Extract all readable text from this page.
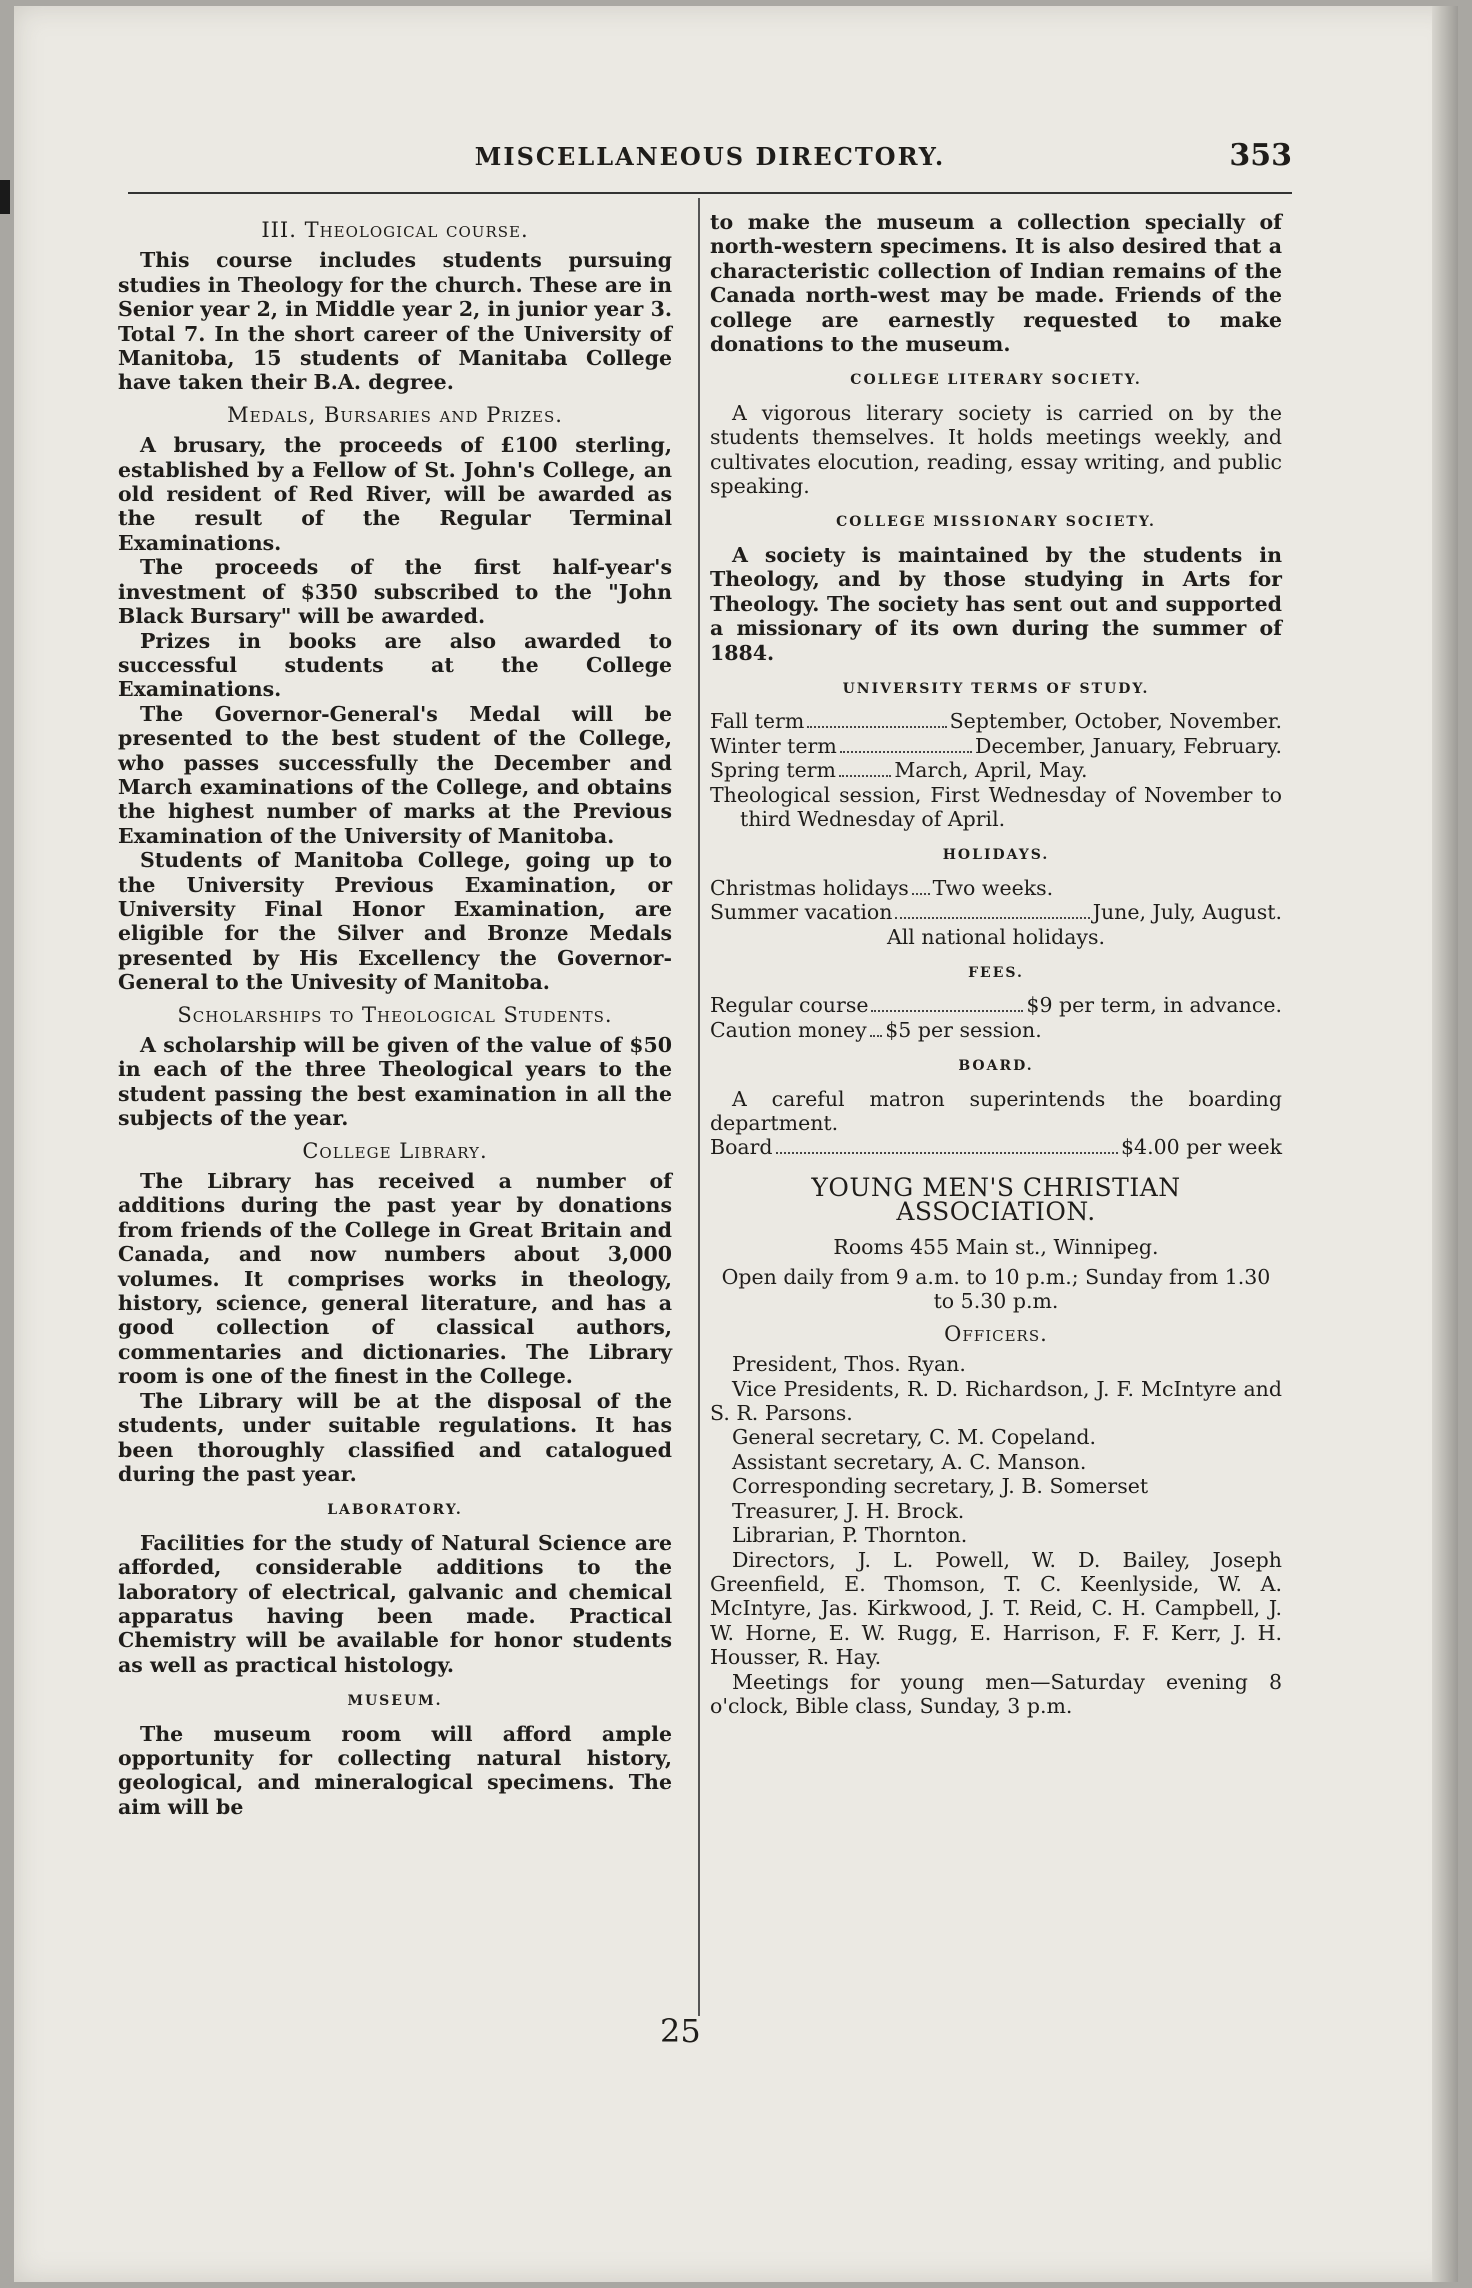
MISCELLANEOUS DIRECTORY.	353
III. Theological course.

This course includes students pursuing studies in Theology for the church. These are in Senior year 2, in Middle year 2, in junior year 3. Total 7. In the short career of the University of Manitoba, 15 students of Manitaba College have taken their B.A. degree.

Medals, Bursaries and Prizes.

A brusary, the proceeds of £100 sterling, established by a Fellow of St. John's College, an old resident of Red River, will be awarded as the result of the Regular Terminal Examinations.

The proceeds of the first half-year's investment of $350 subscribed to the "John Black Bursary" will be awarded.

Prizes in books are also awarded to successful students at the College Examinations.

The Governor-General's Medal will be presented to the best student of the College, who passes successfully the December and March examinations of the College, and obtains the highest number of marks at the Previous Examination of the University of Manitoba.

Students of Manitoba College, going up to the University Previous Examination, or University Final Honor Examination, are eligible for the Silver and Bronze Medals presented by His Excellency the Governor-General to the Univesity of Manitoba.

Scholarships to Theological Students.

A scholarship will be given of the value of $50 in each of the three Theological years to the student passing the best examination in all the subjects of the year.

College Library.

The Library has received a number of additions during the past year by donations from friends of the College in Great Britain and Canada, and now numbers about 3,000 volumes. It comprises works in theology, history, science, general literature, and has a good collection of classical authors, commentaries and dictionaries. The Library room is one of the finest in the College.

The Library will be at the disposal of the students, under suitable regulations. It has been thoroughly classified and catalogued during the past year.

LABORATORY.

Facilities for the study of Natural Science are afforded, considerable additions to the laboratory of electrical, galvanic and chemical apparatus having been made. Practical Chemistry will be available for honor students as well as practical histology.

MUSEUM.

The museum room will afford ample opportunity for collecting natural history, geological, and mineralogical specimens. The aim will be

to make the museum a collection specially of north-western specimens. It is also desired that a characteristic collection of Indian remains of the Canada north-west may be made. Friends of the college are earnestly requested to make donations to the museum.

COLLEGE LITERARY SOCIETY.

A vigorous literary society is carried on by the students themselves. It holds meetings weekly, and cultivates elocution, reading, essay writing, and public speaking.

COLLEGE MISSIONARY SOCIETY.

A society is maintained by the students in Theology, and by those studying in Arts for Theology. The society has sent out and supported a missionary of its own during the summer of 1884.

UNIVERSITY TERMS OF STUDY.
Fall term	September, October, November.
Winter term	December, January, February.
Spring term	March, April, May.
Theological session, First Wednesday of November to third Wednesday of April.
HOLIDAYS.
Christmas holidays Two weeks.
Summer vacation	June, July, August.
All national holidays.
FEES.
Regular course	$9 per term, in advance.
Caution money $5 per session.
BOARD.

A careful matron superintends the boarding department.

Board	$4.00 per week
YOUNG MEN'S CHRISTIAN ASSOCIATION.
Rooms 455 Main st., Winnipeg.
Open daily from 9 a.m. to 10 p.m.; Sunday from 1.30 to 5.30 p.m.
Officers.

President, Thos. Ryan.

Vice Presidents, R. D. Richardson, J. F. McIntyre and S. R. Parsons.

General secretary, C. M. Copeland.

Assistant secretary, A. C. Manson.

Corresponding secretary, J. B. Somerset

Treasurer, J. H. Brock.

Librarian, P. Thornton.

Directors, J. L. Powell, W. D. Bailey, Joseph Greenfield, E. Thomson, T. C. Keenlyside, W. A. McIntyre, Jas. Kirkwood, J. T. Reid, C. H. Campbell, J. W. Horne, E. W. Rugg, E. Harrison, F. F. Kerr, J. H. Housser, R. Hay.

Meetings for young men—Saturday evening 8 o'clock, Bible class, Sunday, 3 p.m.

25
